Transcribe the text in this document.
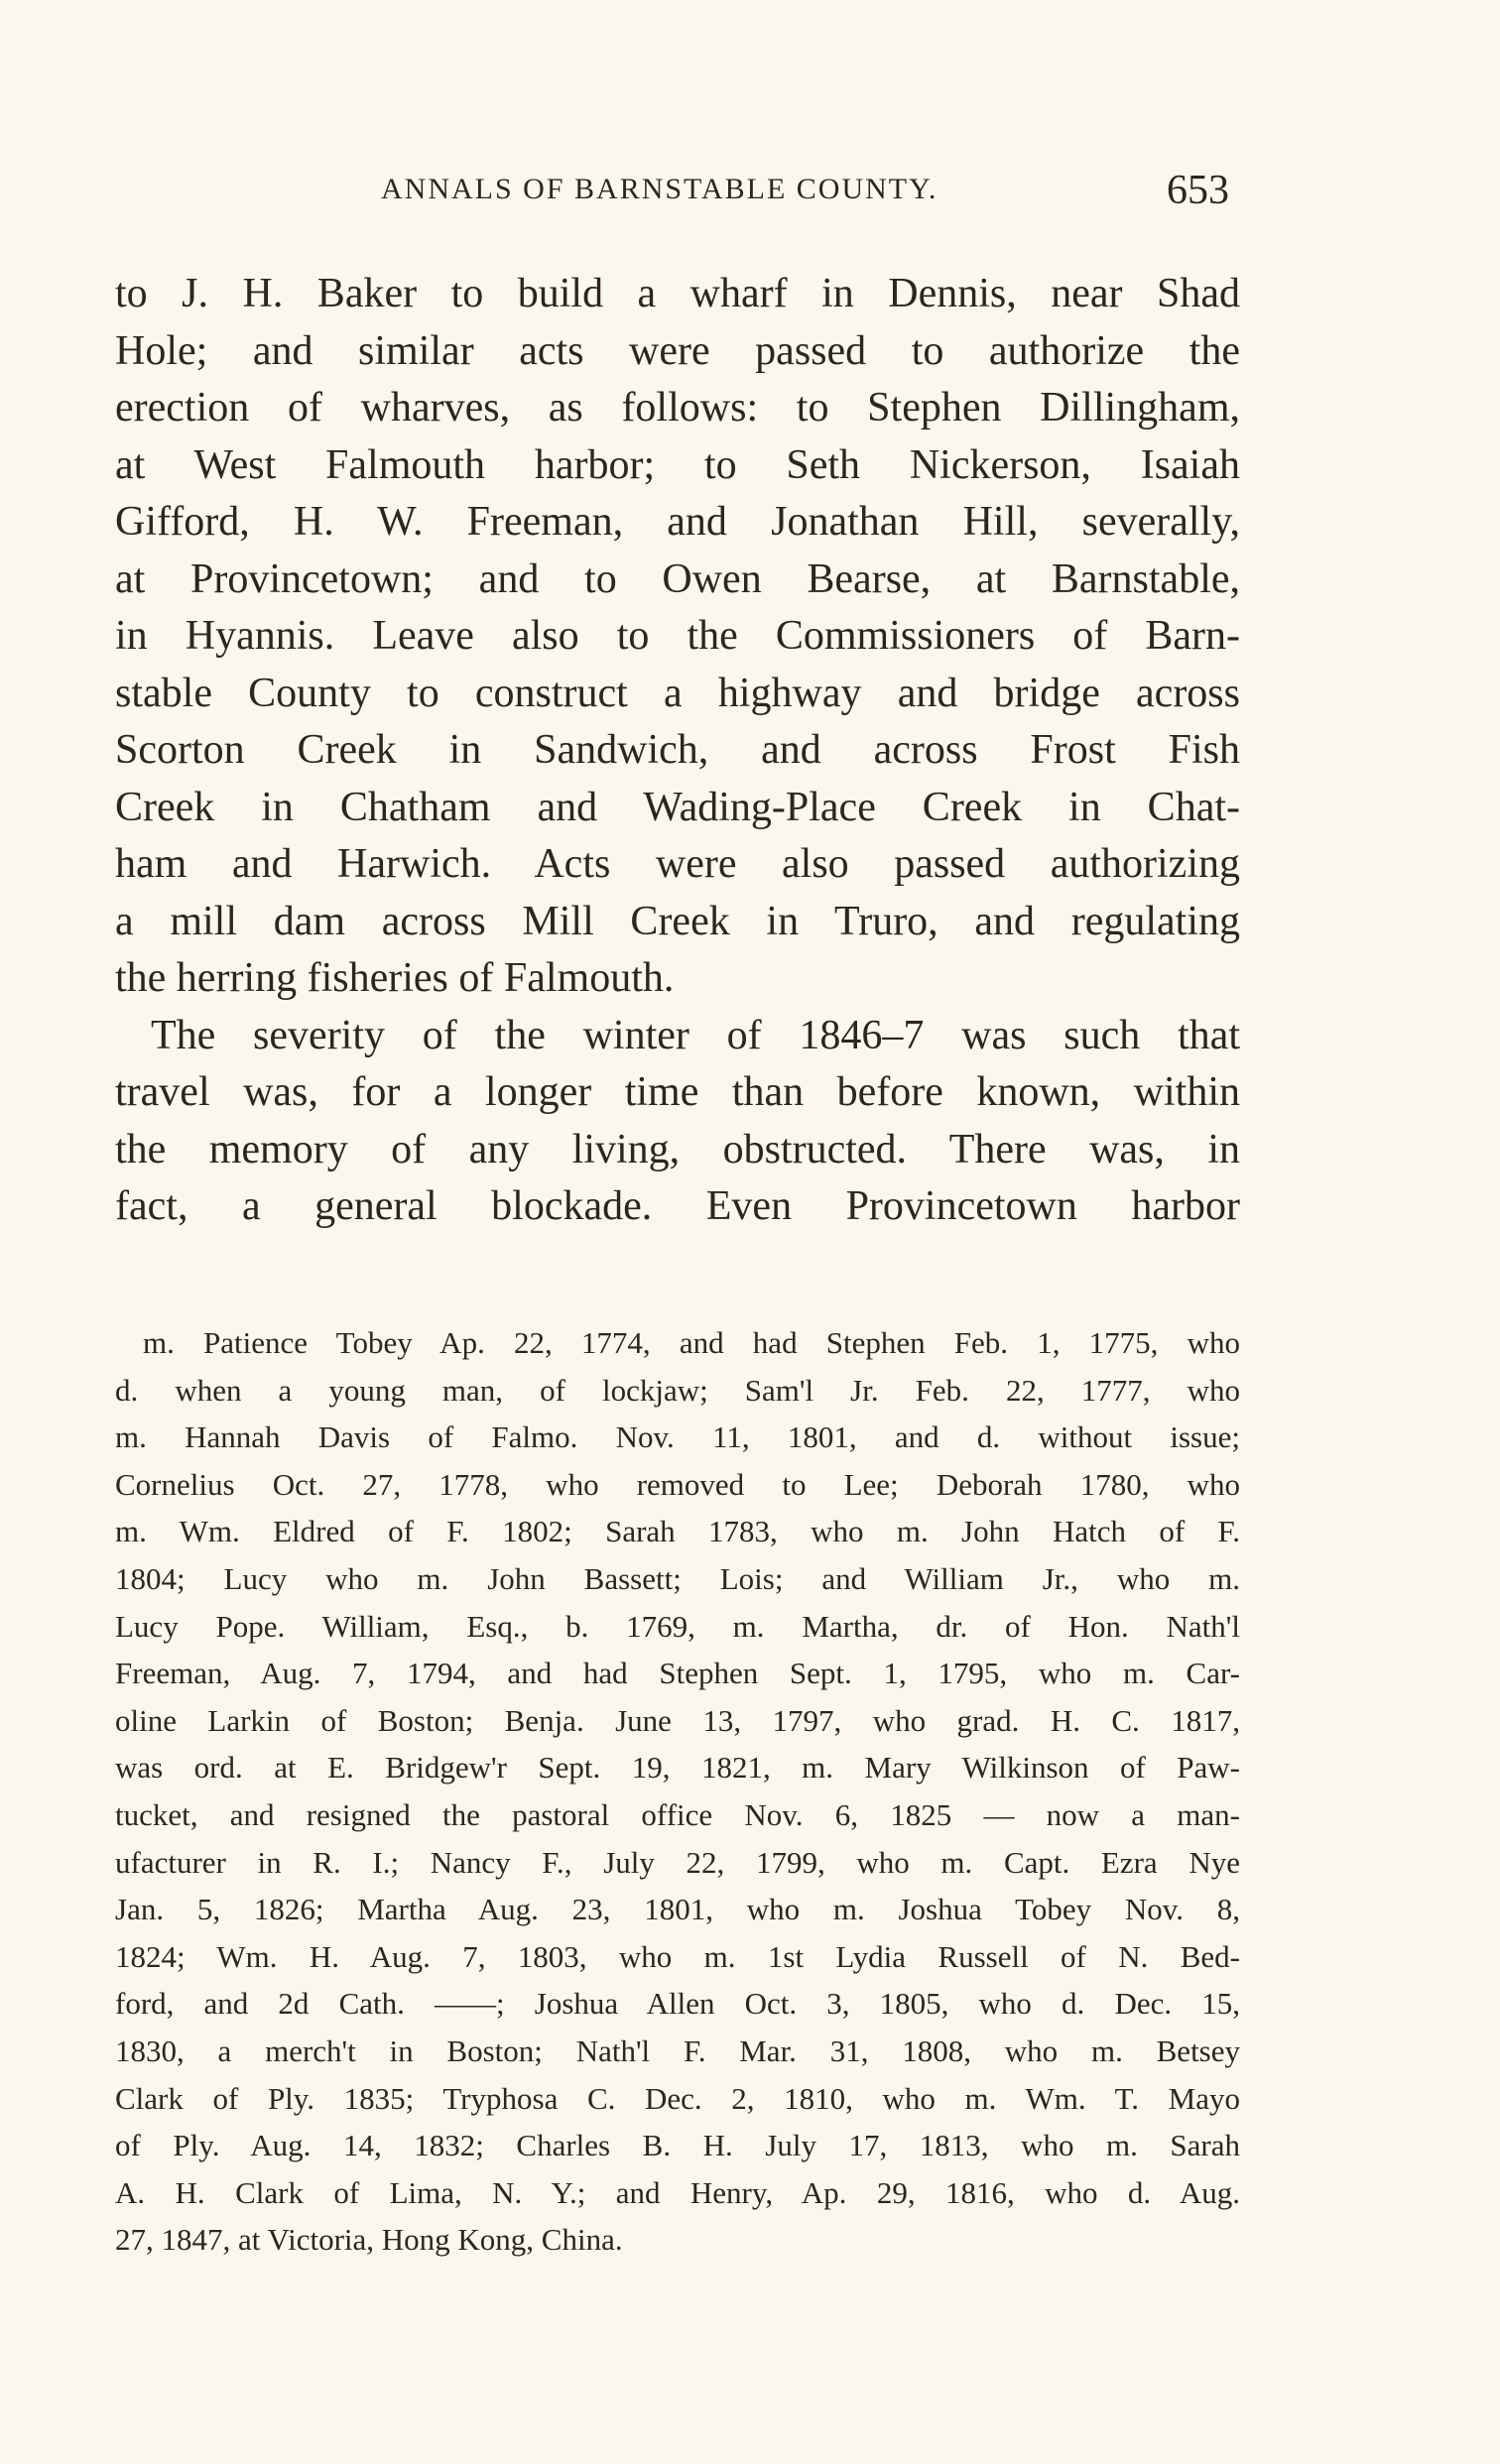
ANNALS OF BARNSTABLE COUNTY.	653
to J. H. Baker to build a wharf in Dennis, near Shad
Hole; and similar acts were passed to authorize the
erection of wharves, as follows: to Stephen Dillingham,
at West Falmouth harbor; to Seth Nickerson, Isaiah
Gifford, H. W. Freeman, and Jonathan Hill, severally,
at Provincetown; and to Owen Bearse, at Barnstable,
in Hyannis. Leave also to the Commissioners of Barn-
stable County to construct a highway and bridge across
Scorton Creek in Sandwich, and across Frost Fish
Creek in Chatham and Wading-Place Creek in Chat-
ham and Harwich. Acts were also passed authorizing
a mill dam across Mill Creek in Truro, and regulating
the herring fisheries of Falmouth.
The severity of the winter of 1846–7 was such that
travel was, for a longer time than before known, within
the memory of any living, obstructed. There was, in
fact, a general blockade. Even Provincetown harbor
m. Patience Tobey Ap. 22, 1774, and had Stephen Feb. 1, 1775, who
d. when a young man, of lockjaw; Sam'l Jr. Feb. 22, 1777, who
m. Hannah Davis of Falmo. Nov. 11, 1801, and d. without issue;
Cornelius Oct. 27, 1778, who removed to Lee; Deborah 1780, who
m. Wm. Eldred of F. 1802; Sarah 1783, who m. John Hatch of F.
1804; Lucy who m. John Bassett; Lois; and William Jr., who m.
Lucy Pope. William, Esq., b. 1769, m. Martha, dr. of Hon. Nath'l
Freeman, Aug. 7, 1794, and had Stephen Sept. 1, 1795, who m. Car-
oline Larkin of Boston; Benja. June 13, 1797, who grad. H. C. 1817,
was ord. at E. Bridgew'r Sept. 19, 1821, m. Mary Wilkinson of Paw-
tucket, and resigned the pastoral office Nov. 6, 1825 — now a man-
ufacturer in R. I.; Nancy F., July 22, 1799, who m. Capt. Ezra Nye
Jan. 5, 1826; Martha Aug. 23, 1801, who m. Joshua Tobey Nov. 8,
1824; Wm. H. Aug. 7, 1803, who m. 1st Lydia Russell of N. Bed-
ford, and 2d Cath. ——; Joshua Allen Oct. 3, 1805, who d. Dec. 15,
1830, a merch't in Boston; Nath'l F. Mar. 31, 1808, who m. Betsey
Clark of Ply. 1835; Tryphosa C. Dec. 2, 1810, who m. Wm. T. Mayo
of Ply. Aug. 14, 1832; Charles B. H. July 17, 1813, who m. Sarah
A. H. Clark of Lima, N. Y.; and Henry, Ap. 29, 1816, who d. Aug.
27, 1847, at Victoria, Hong Kong, China.
